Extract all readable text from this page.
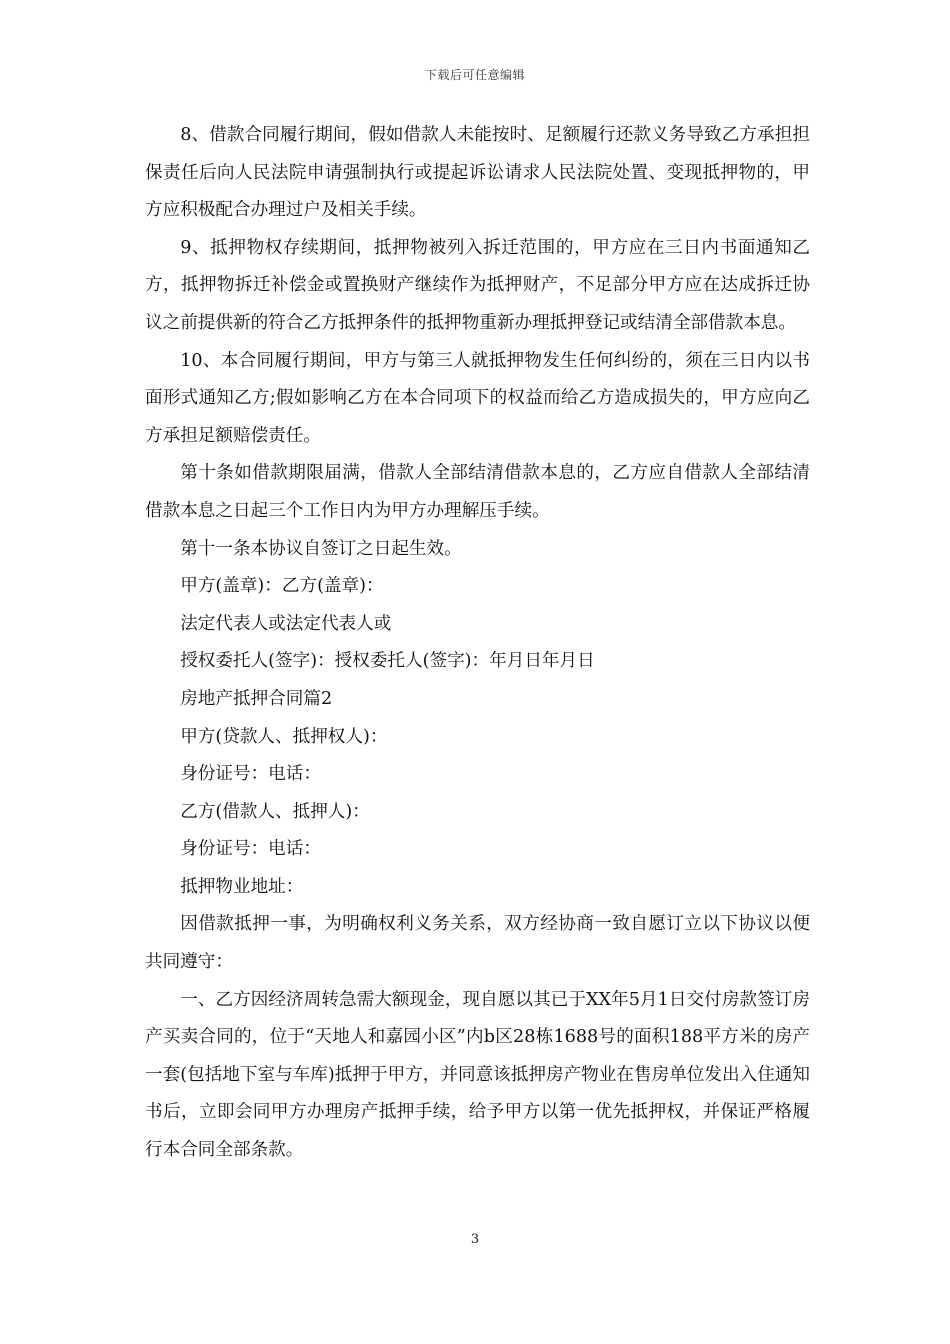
下载后可任意编辑

8、借款合同履行期间，假如借款人未能按时、足额履行还款义务导致乙方承担担保责任后向人民法院申请强制执行或提起诉讼请求人民法院处置、变现抵押物的，甲方应积极配合办理过户及相关手续。

9、抵押物权存续期间，抵押物被列入拆迁范围的，甲方应在三日内书面通知乙方，抵押物拆迁补偿金或置换财产继续作为抵押财产，不足部分甲方应在达成拆迁协议之前提供新的符合乙方抵押条件的抵押物重新办理抵押登记或结清全部借款本息。

10、本合同履行期间，甲方与第三人就抵押物发生任何纠纷的，须在三日内以书面形式通知乙方;假如影响乙方在本合同项下的权益而给乙方造成损失的，甲方应向乙方承担足额赔偿责任。

第十条如借款期限届满，借款人全部结清借款本息的，乙方应自借款人全部结清借款本息之日起三个工作日内为甲方办理解压手续。

第十一条本协议自签订之日起生效。

甲方(盖章)：乙方(盖章)：

法定代表人或法定代表人或

授权委托人(签字)：授权委托人(签字)：年月日年月日

房地产抵押合同篇2

甲方(贷款人、抵押权人)：

身份证号：电话：

乙方(借款人、抵押人)：

身份证号：电话：

抵押物业地址：

因借款抵押一事，为明确权利义务关系，双方经协商一致自愿订立以下协议以便共同遵守：

一、乙方因经济周转急需大额现金，现自愿以其已于XX年5月1日交付房款签订房产买卖合同的，位于“天地人和嘉园小区”内b区28栋1688号的面积188平方米的房产一套(包括地下室与车库)抵押于甲方，并同意该抵押房产物业在售房单位发出入住通知书后，立即会同甲方办理房产抵押手续，给予甲方以第一优先抵押权，并保证严格履行本合同全部条款。

3
